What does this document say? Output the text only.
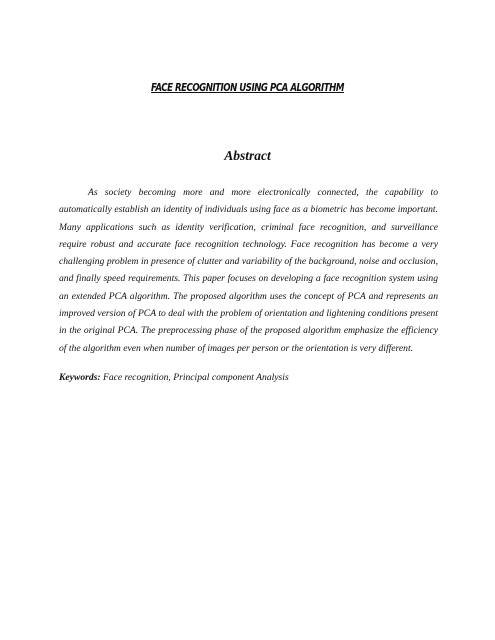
FACE RECOGNITION USING PCA ALGORITHM
Abstract

As society becoming more and more electronically connected, the capability to automatically establish an identity of individuals using face as a biometric has become important. Many applications such as identity verification, criminal face recognition, and surveillance require robust and accurate face recognition technology. Face recognition has become a very challenging problem in presence of clutter and variability of the background, noise and occlusion, and finally speed requirements. This paper focuses on developing a face recognition system using an extended PCA algorithm. The proposed algorithm uses the concept of PCA and represents an improved version of PCA to deal with the problem of orientation and lightening conditions present in the original PCA. The preprocessing phase of the proposed algorithm emphasize the efficiency of the algorithm even when number of images per person or the orientation is very different.

Keywords: Face recognition, Principal component Analysis
